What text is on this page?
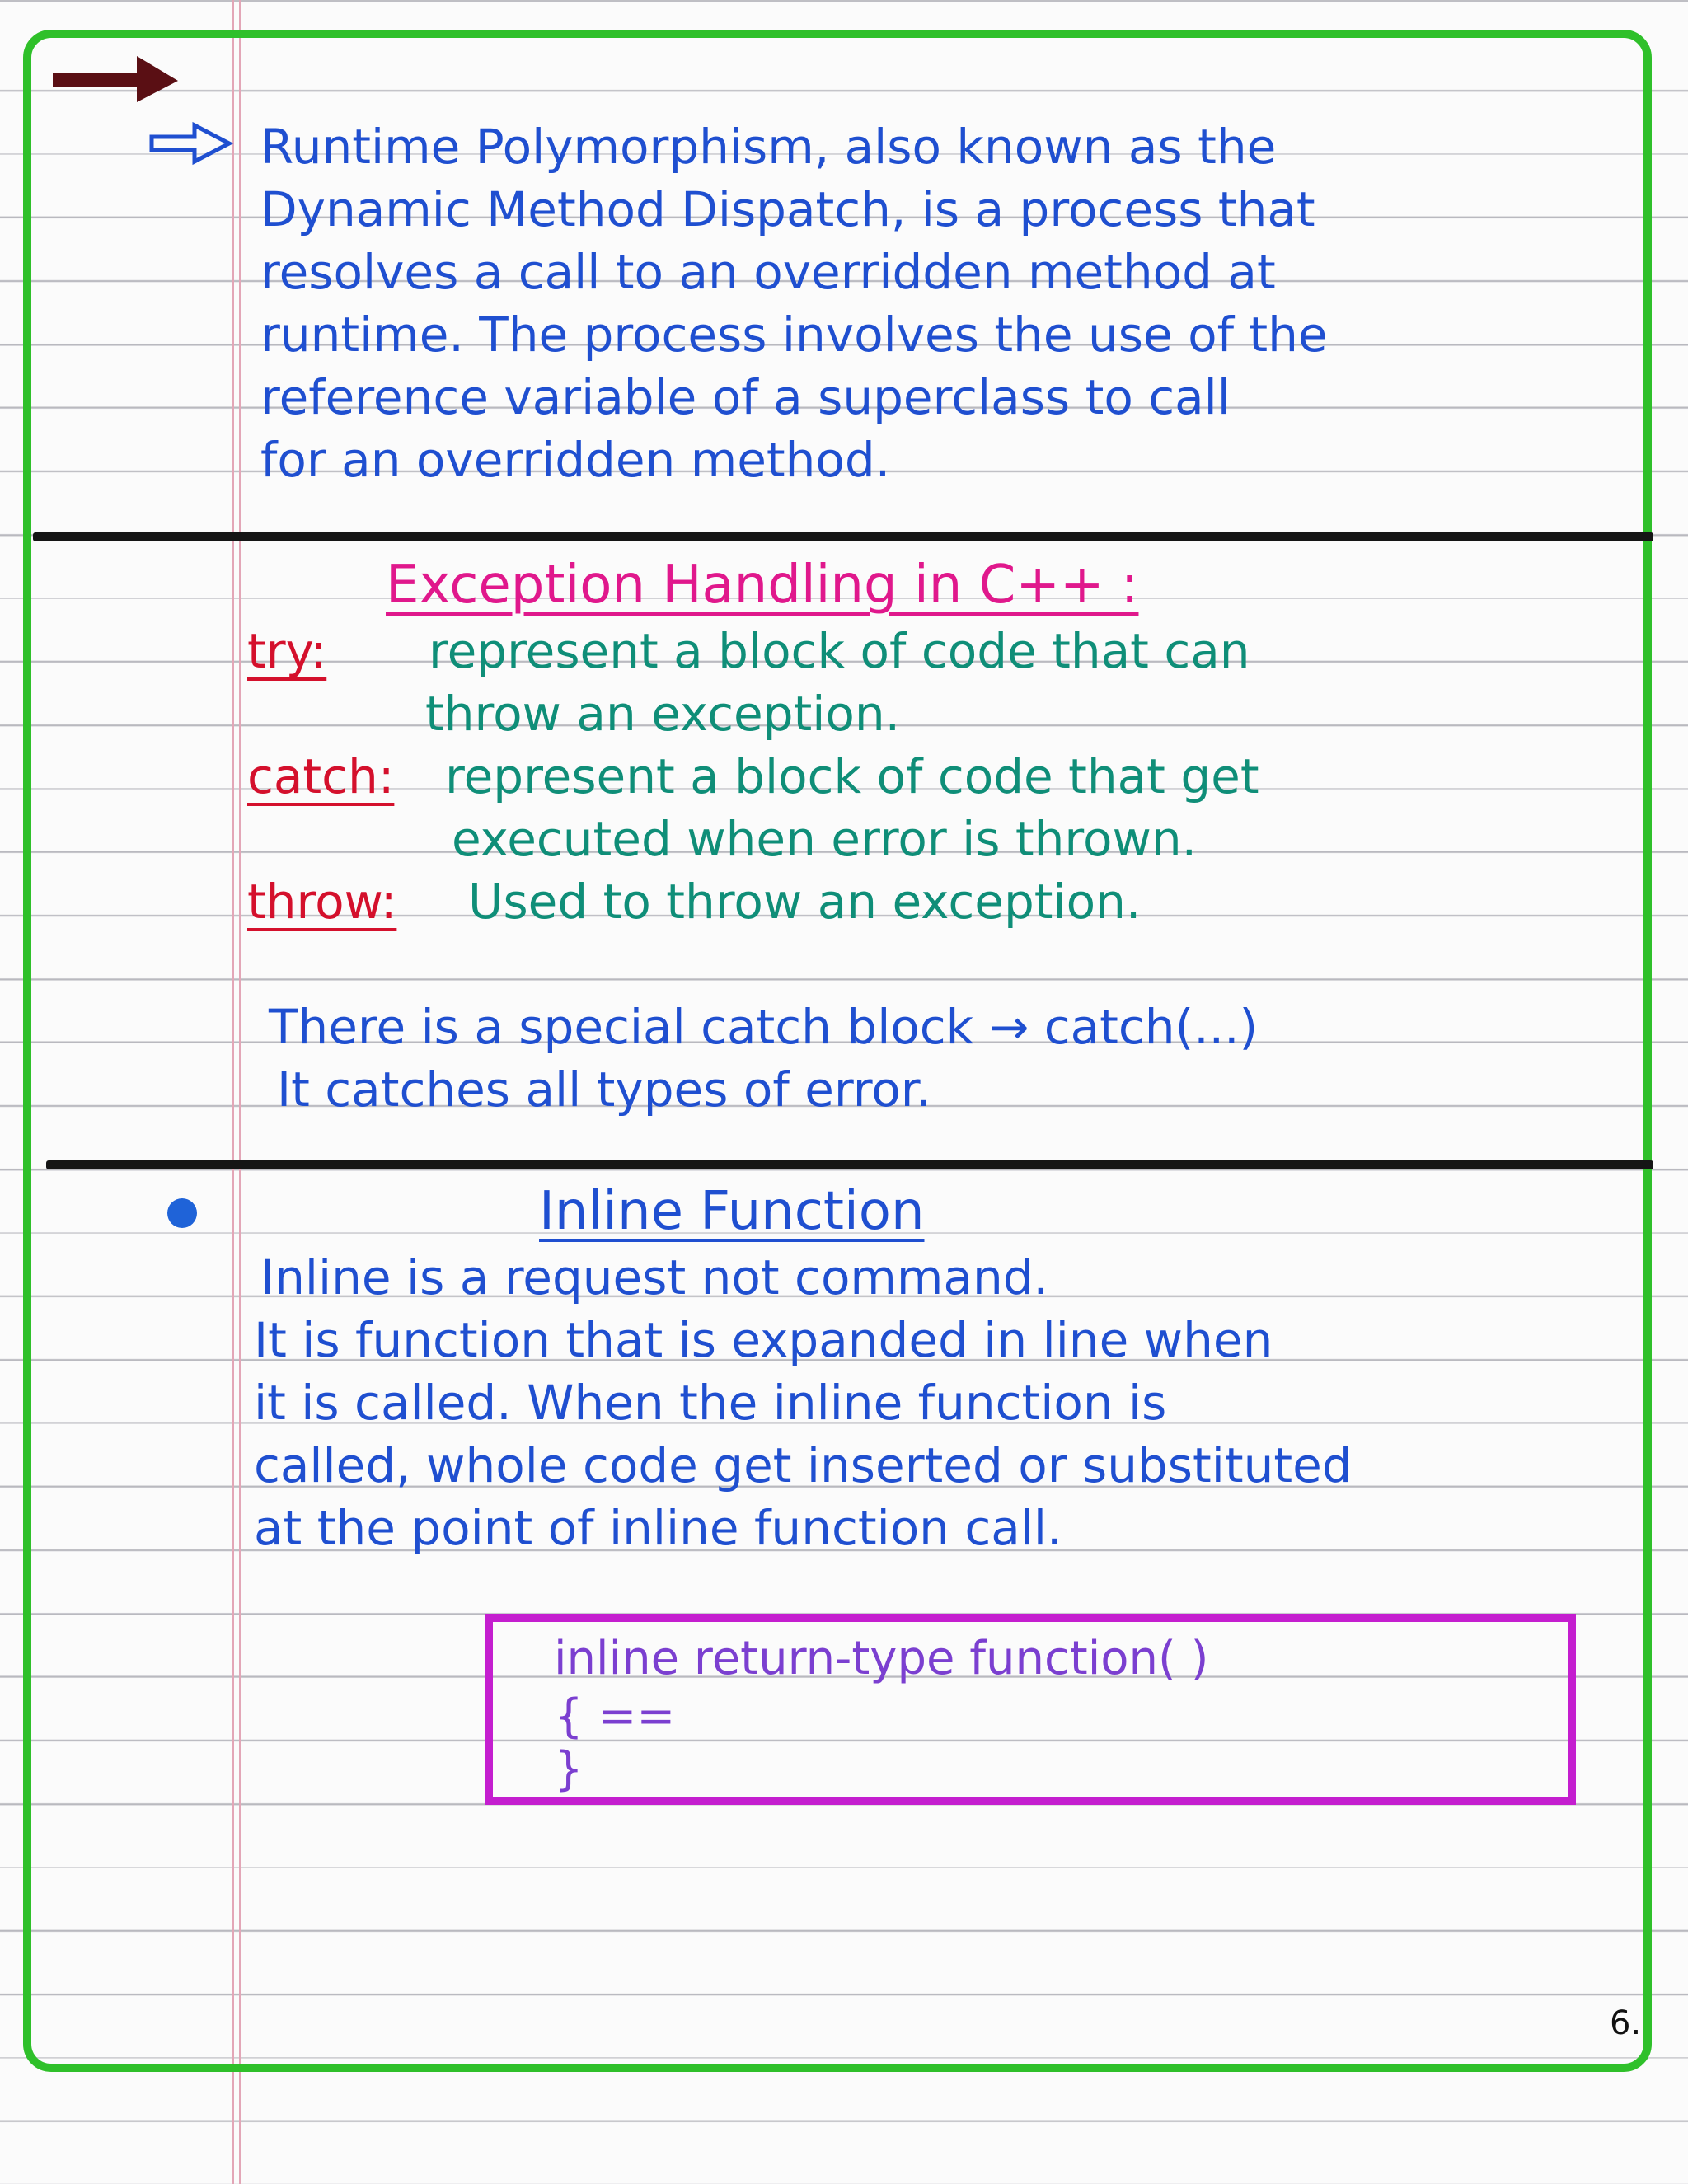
Runtime Polymorphism, also known as the
Dynamic Method Dispatch, is a process that
resolves a call to an overridden method at
runtime. The process involves the use of the
reference variable of a superclass to call
for an overridden method.
Exception Handling in C++ :
try: represent a block of code that can
throw an exception.
catch: represent a block of code that get
executed when error is thrown.
throw: Used to throw an exception.
There is a special catch block → catch(...)
It catches all types of error.
Inline Function
Inline is a request not command.
It is function that is expanded in line when
it is called. When the inline function is
called, whole code get inserted or substituted
at the point of inline function call.
inline return-type function( )
{ ==
}
6.
